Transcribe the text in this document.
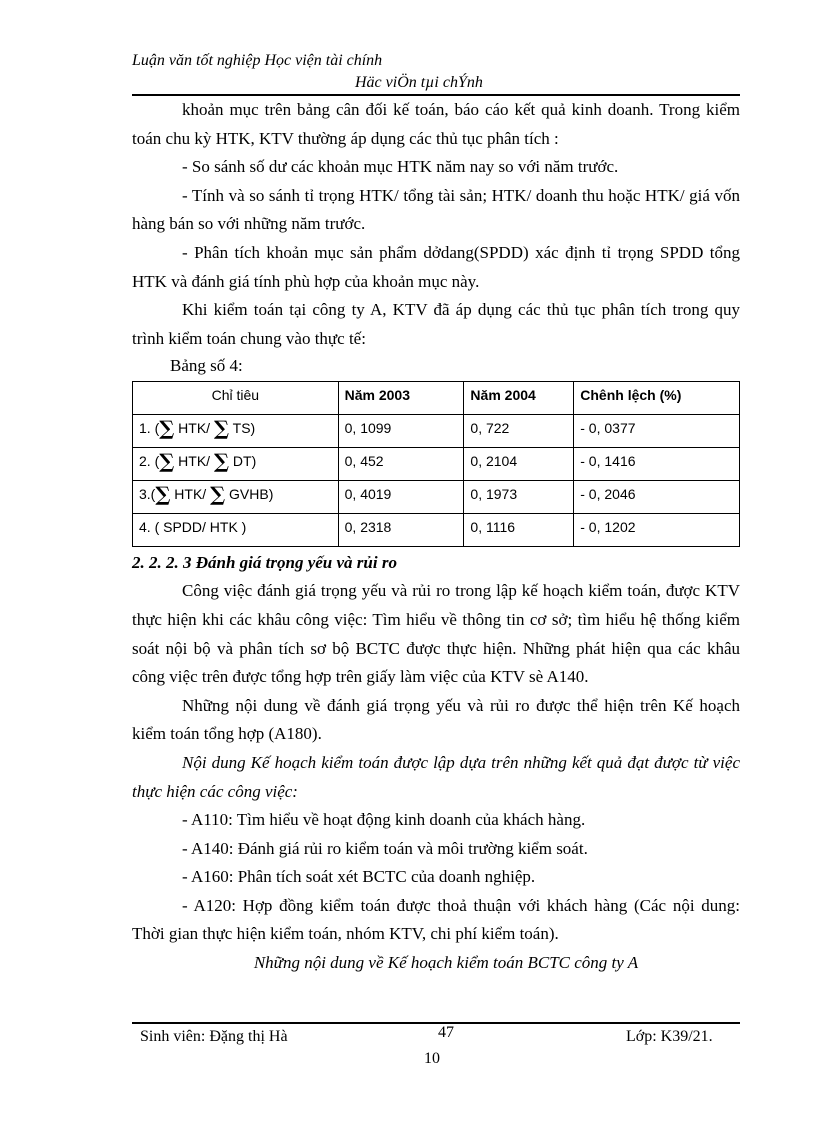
Luận văn tốt nghiệp Học viện tài chính
Häc viÖn tµi chÝnh

khoản mục trên bảng cân đối kế toán, báo cáo kết quả kinh doanh. Trong kiểm toán chu kỳ HTK, KTV thường áp dụng các thủ tục phân tích :

- So sánh số dư các khoản mục HTK năm nay so với năm trước.

- Tính và so sánh tỉ trọng HTK/ tổng tài sản; HTK/ doanh thu hoặc HTK/ giá vốn hàng bán so với những năm trước.

- Phân tích khoản mục sản phẩm dởdang(SPDD) xác định tỉ trọng SPDD tổng HTK và đánh giá tính phù hợp của khoản mục này.

Khi kiểm toán tại công ty A, KTV đã áp dụng các thủ tục phân tích trong quy trình kiểm toán chung vào thực tế:

Bảng số 4:
Chỉ tiêu	Năm 2003	Năm 2004	Chênh lệch (%)
1. (∑ HTK/ ∑ TS)	0, 1099	0, 722	- 0, 0377
2. (∑ HTK/ ∑ DT)	0, 452	0, 2104	- 0, 1416
3.(∑ HTK/ ∑ GVHB)	0, 4019	0, 1973	- 0, 2046
4. ( SPDD/ HTK )	0, 2318	0, 1116	- 0, 1202

2. 2. 2. 3 Đánh giá trọng yếu và rủi ro

Công việc đánh giá trọng yếu và rủi ro trong lập kế hoạch kiểm toán, được KTV thực hiện khi các khâu công việc: Tìm hiểu về thông tin cơ sở; tìm hiểu hệ thống kiểm soát nội bộ và phân tích sơ bộ BCTC được thực hiện. Những phát hiện qua các khâu công việc trên được tổng hợp trên giấy làm việc của KTV sè A140.

Những nội dung về đánh giá trọng yếu và rủi ro được thể hiện trên Kế hoạch kiểm toán tổng hợp (A180).

Nội dung Kế hoạch kiểm toán được lập dựa trên những kết quả đạt được từ việc thực hiện các công việc:

- A110: Tìm hiểu về hoạt động kinh doanh của khách hàng.

- A140: Đánh giá rủi ro kiểm toán và môi trường kiểm soát.

- A160: Phân tích soát xét BCTC của doanh nghiệp.

- A120: Hợp đồng kiểm toán được thoả thuận với khách hàng (Các nội dung: Thời gian thực hiện kiểm toán, nhóm KTV, chi phí kiểm toán).

Những nội dung về Kế hoạch kiểm toán BCTC công ty A

Sinh viên: Đặng thị Hà	47	Lớp: K39/21.
10
